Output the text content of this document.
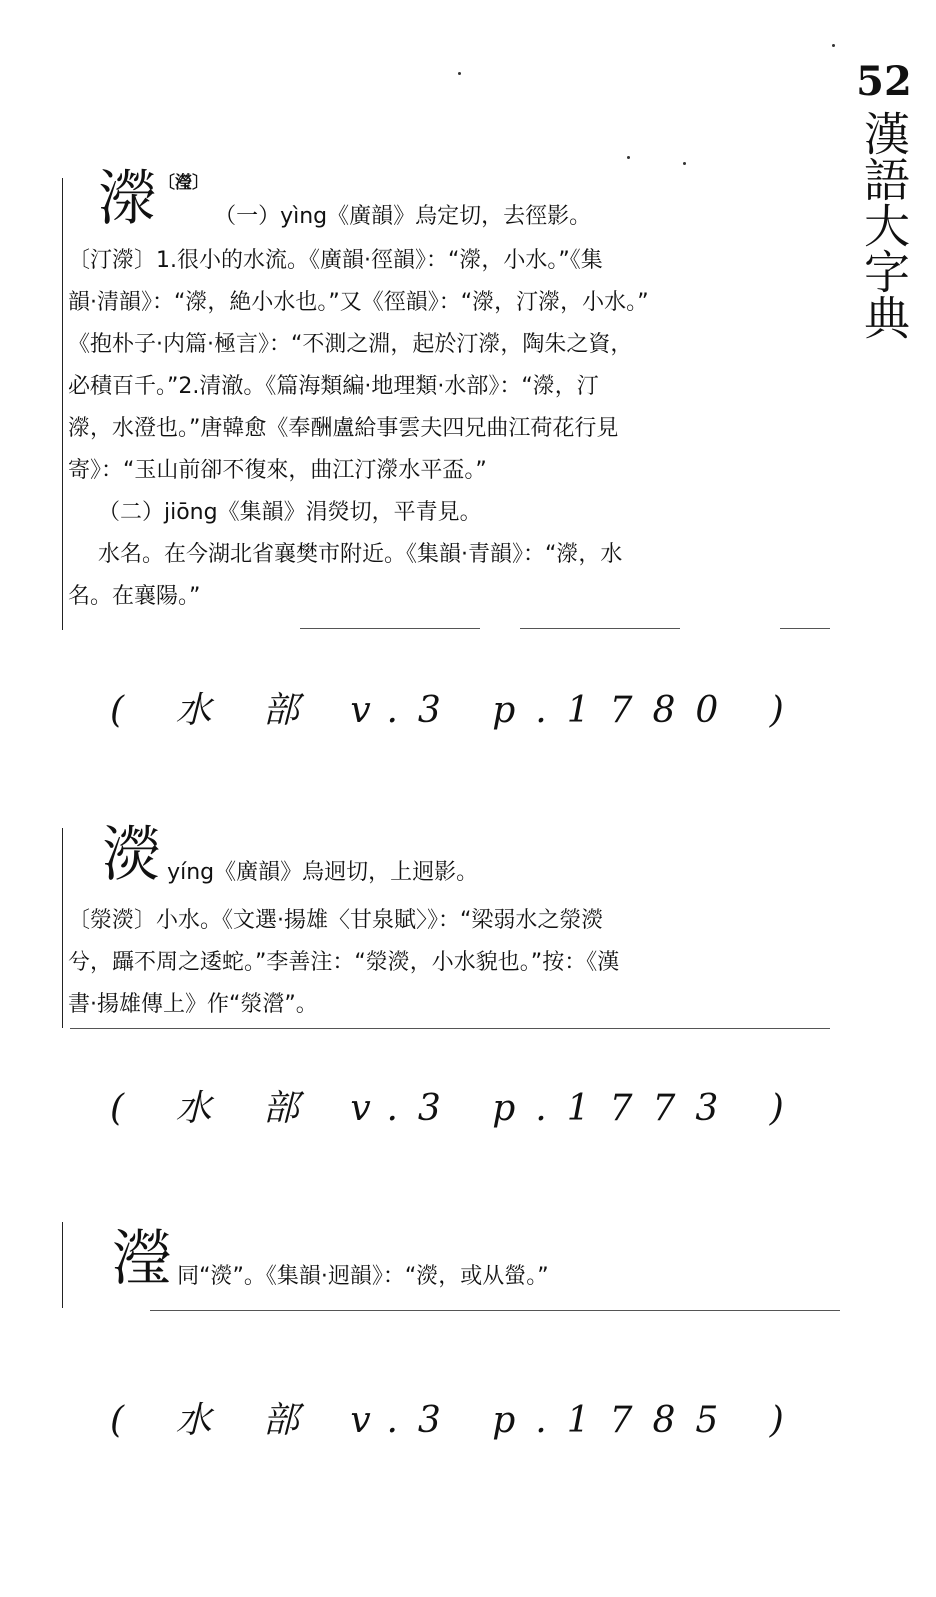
52
漢語大字典
濴〔瀅〕 （一）yìng《廣韻》烏定切，去徑影。
〔汀濴〕1.很小的水流。《廣韻·徑韻》：“濴，小水。”《集
韻·清韻》：“濴，絶小水也。”又《徑韻》：“濴，汀濴，小水。”
《抱朴子·内篇·極言》：“不測之淵，起於汀濴，陶朱之資，
必積百千。”2.清澈。《篇海類編·地理類·水部》：“濴，汀
濴，水澄也。”唐韓愈《奉酬盧給事雲夫四兄曲江荷花行見
寄》：“玉山前卻不復來，曲江汀濴水平盃。”
（二）jiōng《集韻》涓熒切，平青見。
水名。在今湖北省襄樊市附近。《集韻·青韻》：“濴，水
名。在襄陽。”
( 水 部 v.3 p.1780 )
濙 yíng《廣韻》烏迥切，上迥影。
〔滎濙〕小水。《文選·揚雄〈甘泉賦〉》：“梁弱水之滎濙
兮，躡不周之逶蛇。”李善注：“滎濙，小水貌也。”按：《漢
書·揚雄傳上》作“滎瀯”。
( 水 部 v.3 p.1773 )
瀅 同“濙”。《集韻·迥韻》：“濙，或从螢。”
( 水 部 v.3 p.1785 )
